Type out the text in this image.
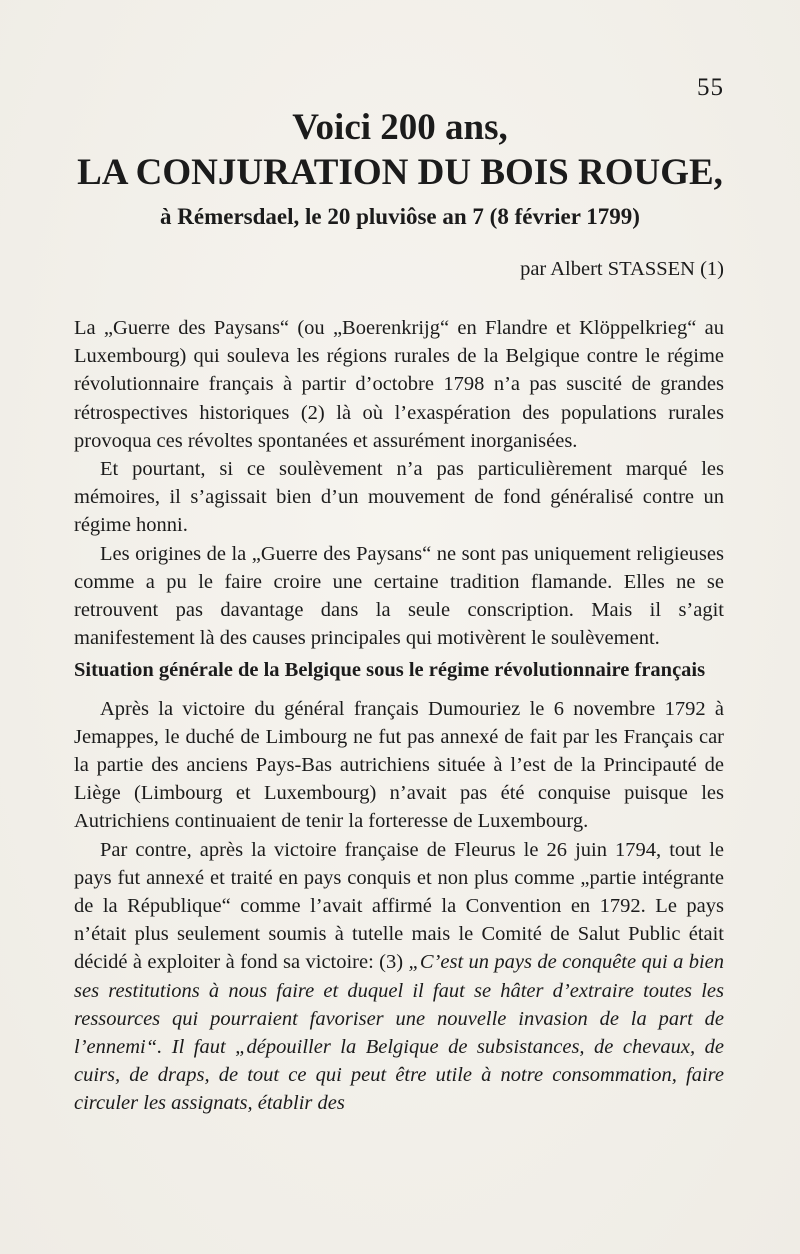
55
Voici 200 ans,
LA CONJURATION DU BOIS ROUGE,
à Rémersdael, le 20 pluviôse an 7 (8 février 1799)
par Albert STASSEN (1)

La „Guerre des Paysans“ (ou „Boerenkrijg“ en Flandre et Klöppelkrieg“ au Luxembourg) qui souleva les régions rurales de la Belgique contre le régime révolutionnaire français à partir d’octobre 1798 n’a pas suscité de grandes rétrospectives historiques (2) là où l’exaspération des populations rurales provoqua ces révoltes spontanées et assurément inorganisées.

Et pourtant, si ce soulèvement n’a pas particulièrement marqué les mémoires, il s’agissait bien d’un mouvement de fond généralisé contre un régime honni.

Les origines de la „Guerre des Paysans“ ne sont pas uniquement religieuses comme a pu le faire croire une certaine tradition flamande. Elles ne se retrouvent pas davantage dans la seule conscription. Mais il s’agit manifestement là des causes principales qui motivèrent le soulèvement.

Situation générale de la Belgique sous le régime révolutionnaire français

Après la victoire du général français Dumouriez le 6 novembre 1792 à Jemappes, le duché de Limbourg ne fut pas annexé de fait par les Français car la partie des anciens Pays-Bas autrichiens située à l’est de la Principauté de Liège (Limbourg et Luxembourg) n’avait pas été conquise puisque les Autrichiens continuaient de tenir la forteresse de Luxembourg.

Par contre, après la victoire française de Fleurus le 26 juin 1794, tout le pays fut annexé et traité en pays conquis et non plus comme „partie intégrante de la République“ comme l’avait affirmé la Convention en 1792. Le pays n’était plus seulement soumis à tutelle mais le Comité de Salut Public était décidé à exploiter à fond sa victoire: (3) „C’est un pays de conquête qui a bien ses restitutions à nous faire et duquel il faut se hâter d’extraire toutes les ressources qui pourraient favoriser une nouvelle invasion de la part de l’ennemi“. Il faut „dépouiller la Belgique de subsistances, de chevaux, de cuirs, de draps, de tout ce qui peut être utile à notre consommation, faire circuler les assignats, établir des
